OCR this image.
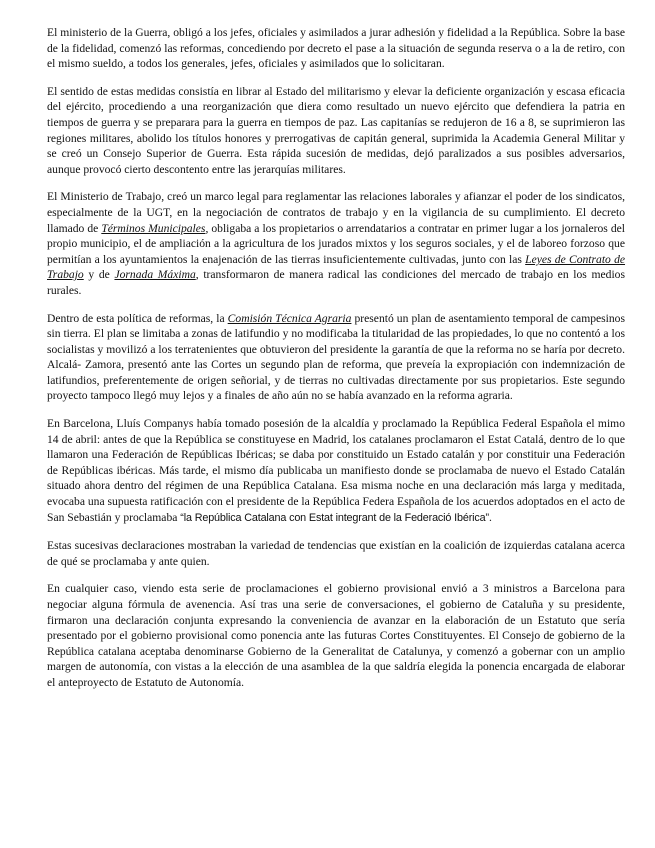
El ministerio de la Guerra, obligó a los jefes, oficiales y asimilados a jurar adhesión y fidelidad a la República. Sobre la base de la fidelidad, comenzó las reformas, concediendo por decreto el pase a la situación de segunda reserva o a la de retiro, con el mismo sueldo, a todos los generales, jefes, oficiales y asimilados que lo solicitaran.

El sentido de estas medidas consistía en librar al Estado del militarismo y elevar la deficiente organización y escasa eficacia del ejército, procediendo a una reorganización que diera como resultado un nuevo ejército que defendiera la patria en tiempos de guerra y se preparara para la guerra en tiempos de paz. Las capitanías se redujeron de 16 a 8, se suprimieron las regiones militares, abolido los títulos honores y prerrogativas de capitán general, suprimida la Academia General Militar y se creó un Consejo Superior de Guerra. Esta rápida sucesión de medidas, dejó paralizados a sus posibles adversarios, aunque provocó cierto descontento entre las jerarquías militares.

El Ministerio de Trabajo, creó un marco legal para reglamentar las relaciones laborales y afianzar el poder de los sindicatos, especialmente de la UGT, en la negociación de contratos de trabajo y en la vigilancia de su cumplimiento. El decreto llamado de Términos Municipales, obligaba a los propietarios o arrendatarios a contratar en primer lugar a los jornaleros del propio municipio, el de ampliación a la agricultura de los jurados mixtos y los seguros sociales, y el de laboreo forzoso que permitían a los ayuntamientos la enajenación de las tierras insuficientemente cultivadas, junto con las Leyes de Contrato de Trabajo y de Jornada Máxima, transformaron de manera radical las condiciones del mercado de trabajo en los medios rurales.

Dentro de esta política de reformas, la Comisión Técnica Agraria presentó un plan de asentamiento temporal de campesinos sin tierra. El plan se limitaba a zonas de latifundio y no modificaba la titularidad de las propiedades, lo que no contentó a los socialistas y movilizó a los terratenientes que obtuvieron del presidente la garantía de que la reforma no se haría por decreto. Alcalá- Zamora, presentó ante las Cortes un segundo plan de reforma, que preveía la expropiación con indemnización de latifundios, preferentemente de origen señorial, y de tierras no cultivadas directamente por sus propietarios. Este segundo proyecto tampoco llegó muy lejos y a finales de año aún no se había avanzado en la reforma agraria.

En Barcelona, Lluís Companys había tomado posesión de la alcaldía y proclamado la República Federal Española el mimo 14 de abril: antes de que la República se constituyese en Madrid, los catalanes proclamaron el Estat Catalá, dentro de lo que llamaron una Federación de Repúblicas Ibéricas; se daba por constituido un Estado catalán y por constituir una Federación de Repúblicas ibéricas. Más tarde, el mismo día publicaba un manifiesto donde se proclamaba de nuevo el Estado Catalán situado ahora dentro del régimen de una República Catalana. Esa misma noche en una declaración más larga y meditada, evocaba una supuesta ratificación con el presidente de la República Federa Española de los acuerdos adoptados en el acto de San Sebastián y proclamaba “la República Catalana con Estat integrant de la Federació Ibérica”.

Estas sucesivas declaraciones mostraban la variedad de tendencias que existían en la coalición de izquierdas catalana acerca de qué se proclamaba y ante quien.

En cualquier caso, viendo esta serie de proclamaciones el gobierno provisional envió a 3 ministros a Barcelona para negociar alguna fórmula de avenencia. Así tras una serie de conversaciones, el gobierno de Cataluña y su presidente, firmaron una declaración conjunta expresando la conveniencia de avanzar en la elaboración de un Estatuto que sería presentado por el gobierno provisional como ponencia ante las futuras Cortes Constituyentes. El Consejo de gobierno de la República catalana aceptaba denominarse Gobierno de la Generalitat de Catalunya, y comenzó a gobernar con un amplio margen de autonomía, con vistas a la elección de una asamblea de la que saldría elegida la ponencia encargada de elaborar el anteproyecto de Estatuto de Autonomía.
